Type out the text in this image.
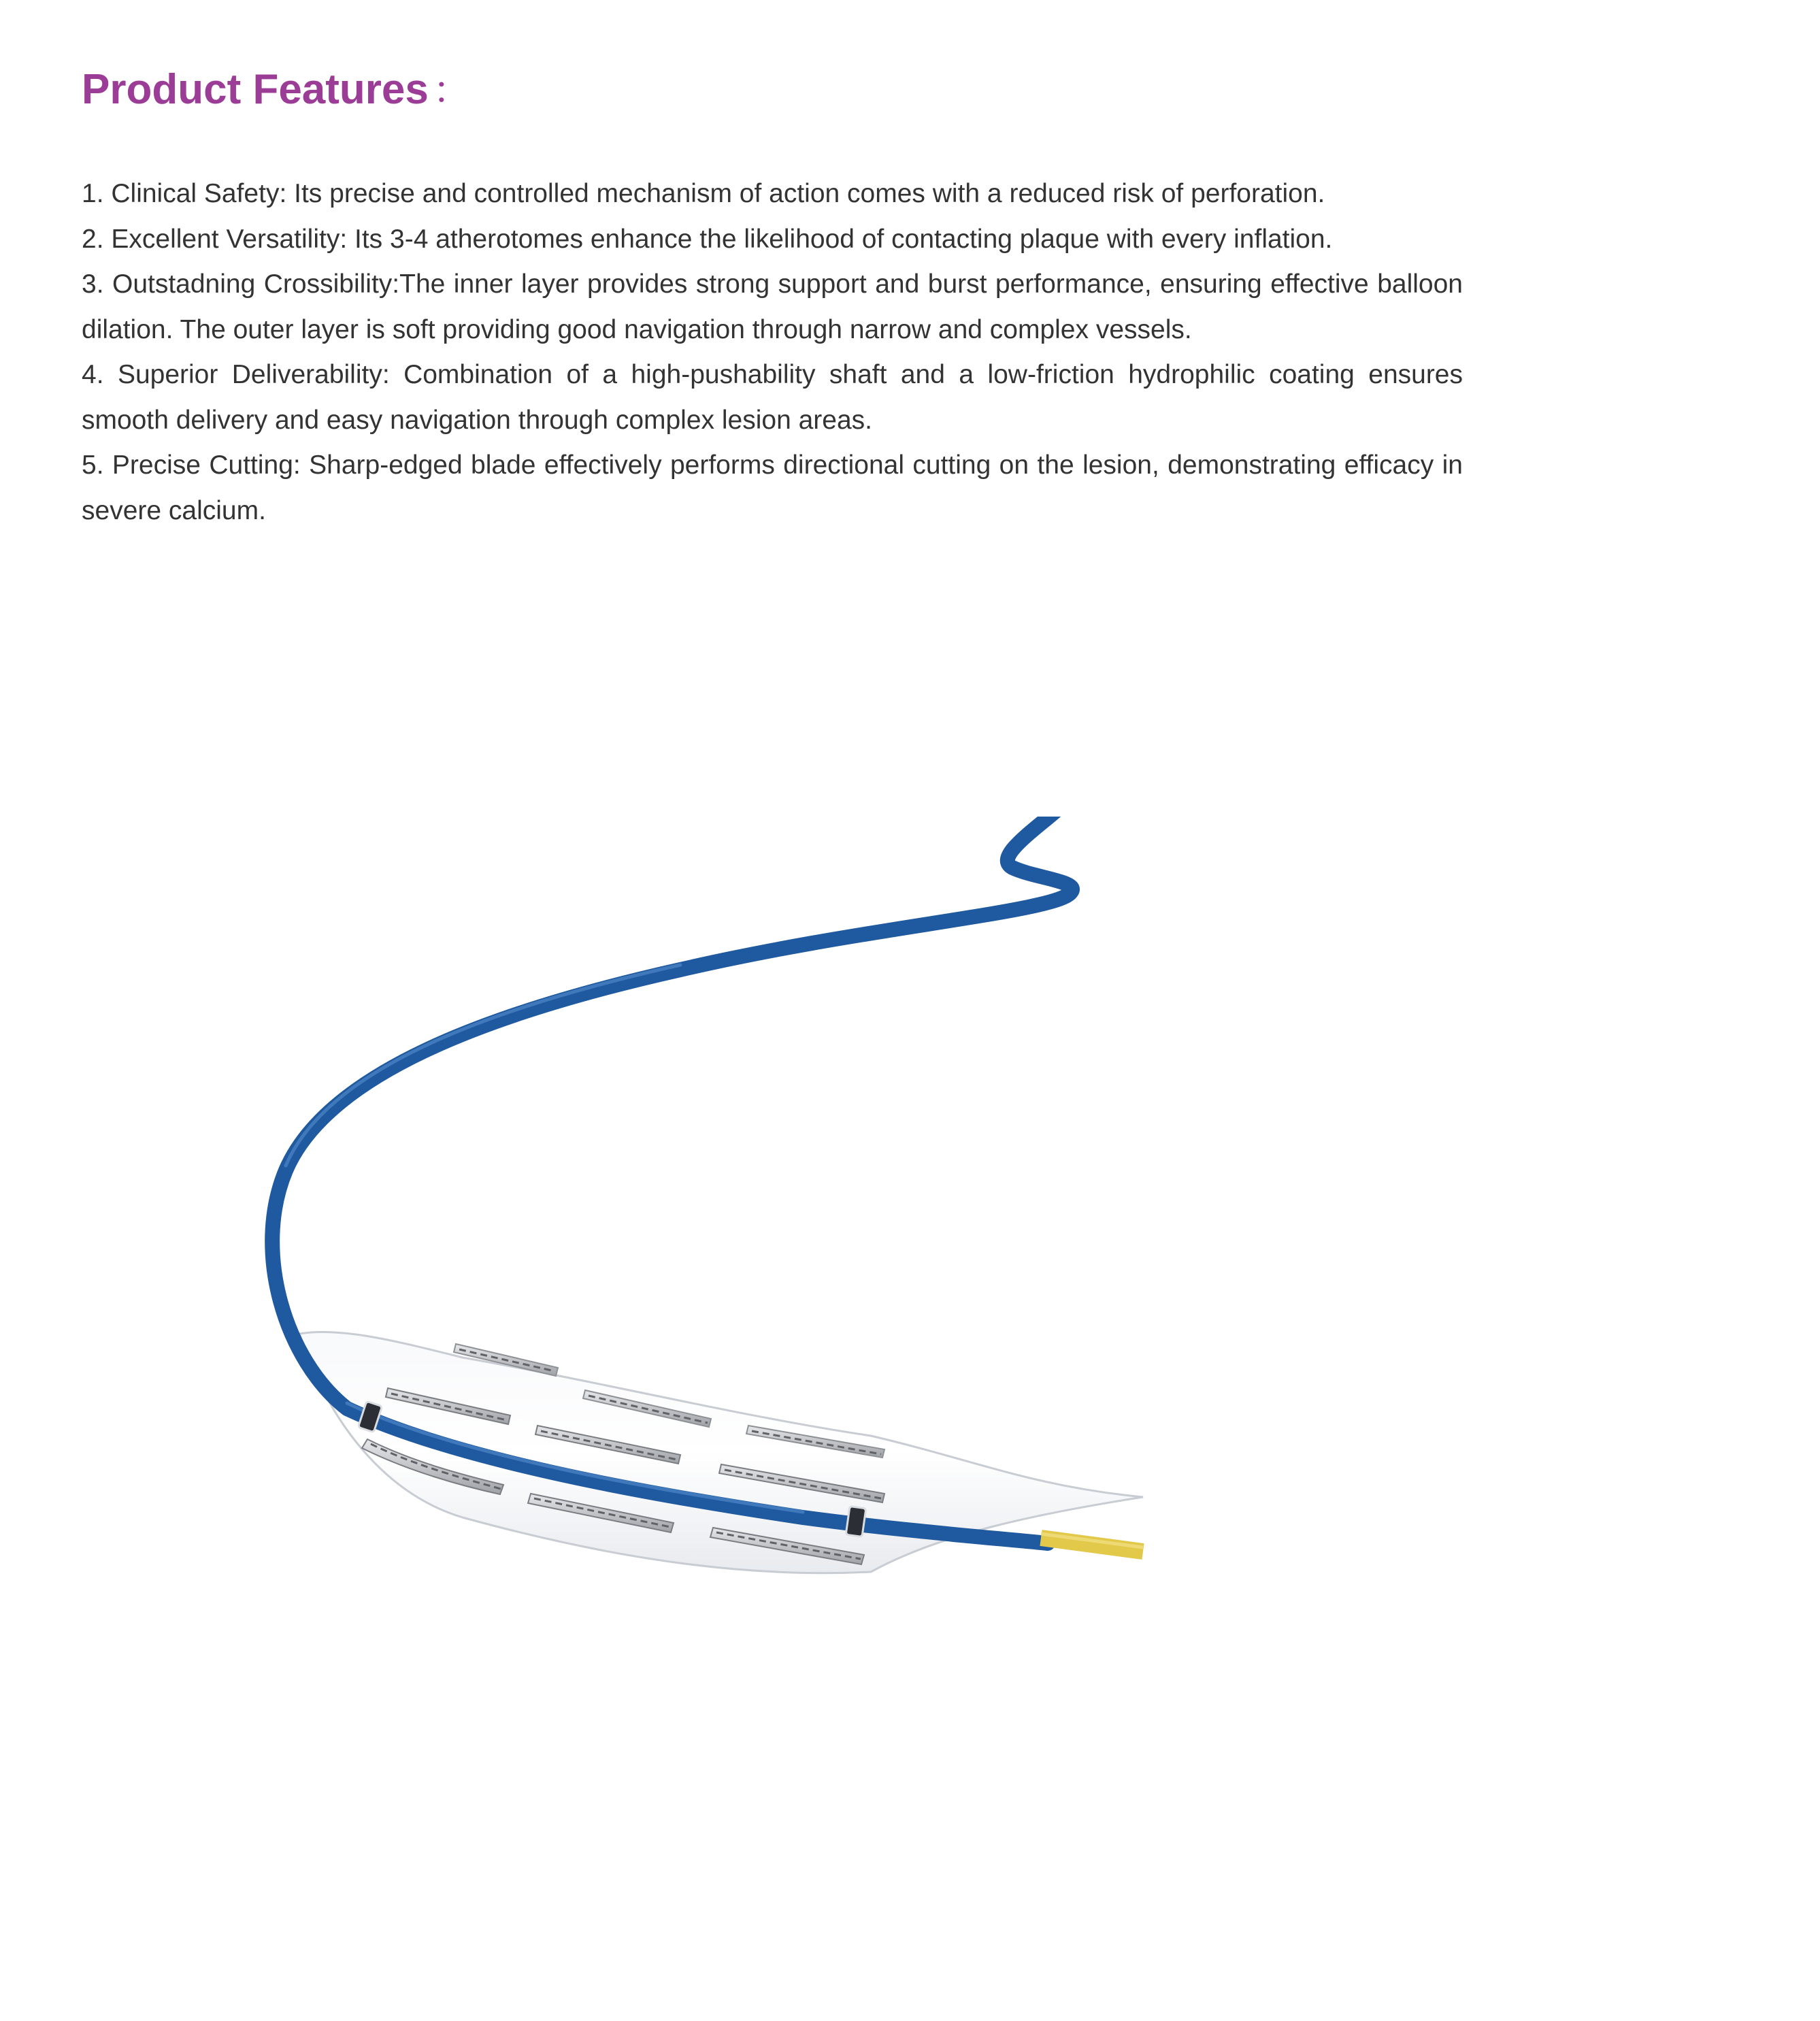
Product Features ：
1. Clinical Safety: Its precise and controlled mechanism of action comes with a reduced risk of perforation.
2. Excellent Versatility: Its 3-4 atherotomes enhance the likelihood of contacting plaque with every inflation.
3. Outstadning Crossibility:The inner layer provides strong support and burst performance, ensuring effective balloon dilation. The outer layer is soft providing good navigation through narrow and complex vessels.
4. Superior Deliverability: Combination of a high-pushability shaft and a low-friction hydrophilic coating ensures smooth delivery and easy navigation through complex lesion areas.
5. Precise Cutting: Sharp-edged blade effectively performs directional cutting on the lesion, demonstrating efficacy in severe calcium.
